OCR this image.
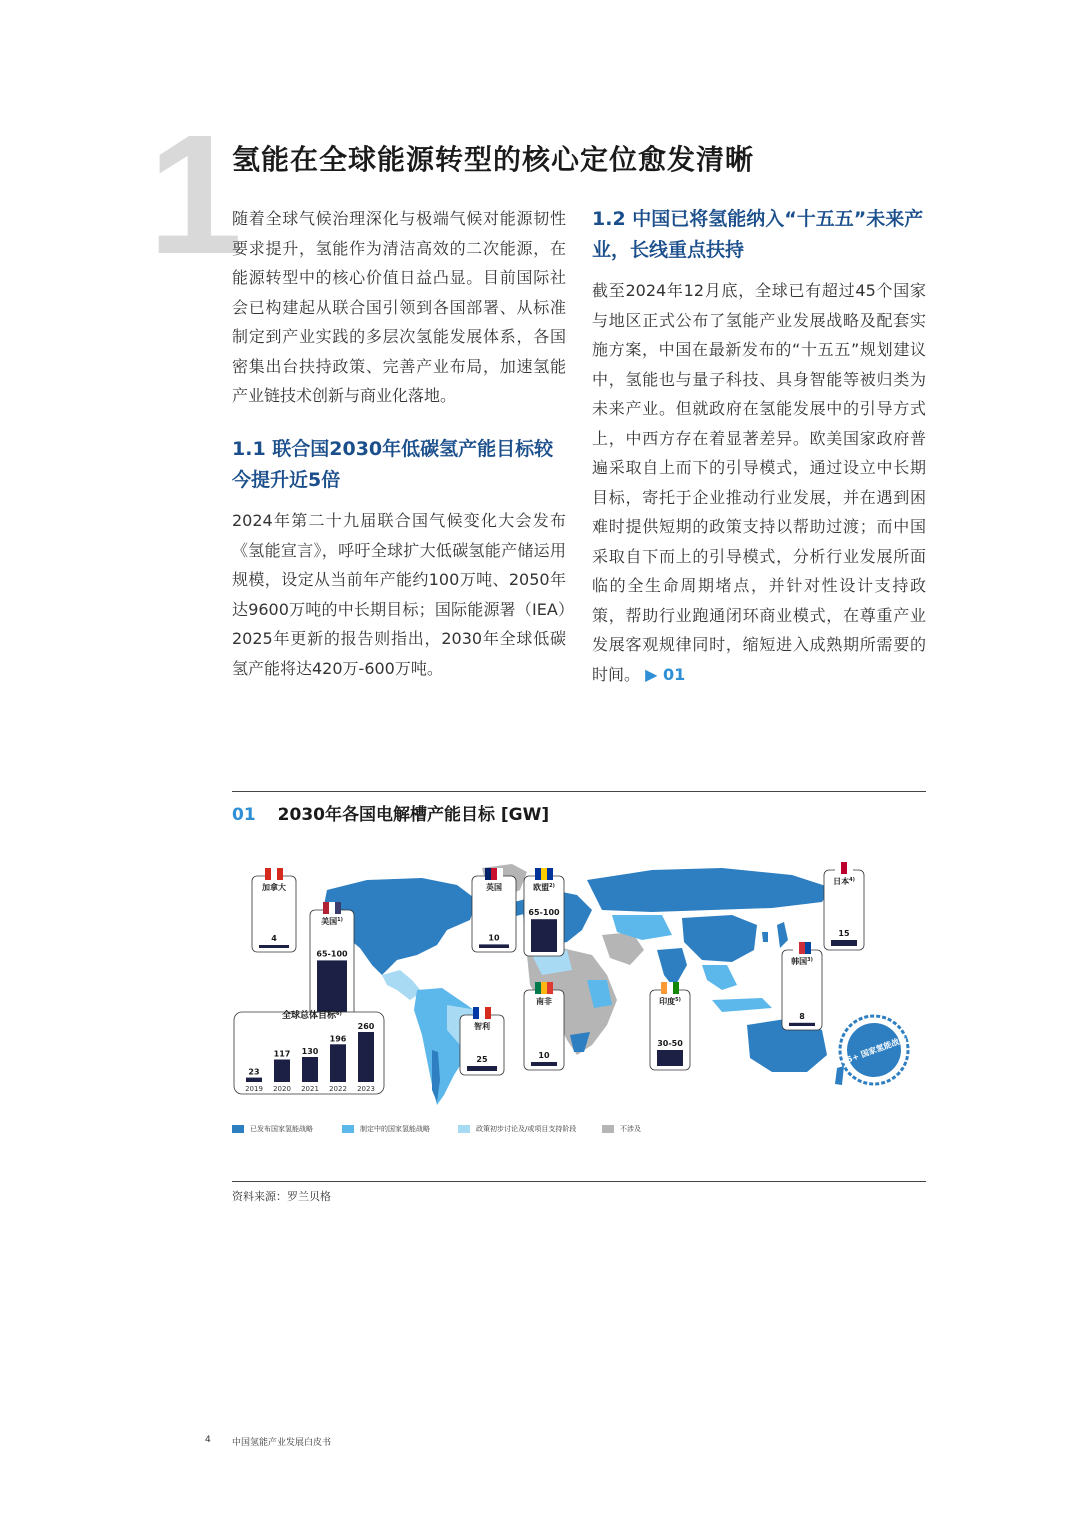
1
氢能在全球能源转型的核心定位愈发清晰
随着全球气候治理深化与极端气候对能源韧性要求提升，氢能作为清洁高效的二次能源，在能源转型中的核心价值日益凸显。目前国际社会已构建起从联合国引领到各国部署、从标准制定到产业实践的多层次氢能发展体系，各国密集出台扶持政策、完善产业布局，加速氢能产业链技术创新与商业化落地。
1.1 联合国2030年低碳氢产能目标较今提升近5倍
2024年第二十九届联合国气候变化大会发布《氢能宣言》，呼吁全球扩大低碳氢能产储运用规模，设定从当前年产能约100万吨、2050年达9600万吨的中长期目标；国际能源署（IEA）2025年更新的报告则指出，2030年全球低碳氢产能将达420万-600万吨。
1.2 中国已将氢能纳入“十五五”未来产业，长线重点扶持
截至2024年12月底，全球已有超过45个国家与地区正式公布了氢能产业发展战略及配套实施方案，中国在最新发布的“十五五”规划建议中，氢能也与量子科技、具身智能等被归类为未来产业。但就政府在氢能发展中的引导方式上，中西方存在着显著差异。欧美国家政府普遍采取自上而下的引导模式，通过设立中长期目标，寄托于企业推动行业发展，并在遇到困难时提供短期的政策支持以帮助过渡；而中国采取自下而上的引导模式，分析行业发展所面临的全生命周期堵点，并针对性设计支持政策，帮助行业跑通闭环商业模式，在尊重产业发展客观规律同时，缩短进入成熟期所需要的时间。 ▶ 01
01 2030年各国电解槽产能目标 [GW]
加拿大
4
美国$^{1)}$
65-100
英国
10
欧盟$^{2)}$
65-100
南非
10
智利
25
印度$^{5)}$
30-50
韩国$^{3)}$
8
日本$^{4)}$
15
全球总体目标$^{6)}$
23
2019
117
2020
130
2021
196
2022
260
2023
45+ 国家氢能战略
已发布国家氢能战略	制定中的国家氢能战略	政策初步讨论及/或项目支持阶段	不涉及
资料来源：罗兰贝格
4 中国氢能产业发展白皮书
